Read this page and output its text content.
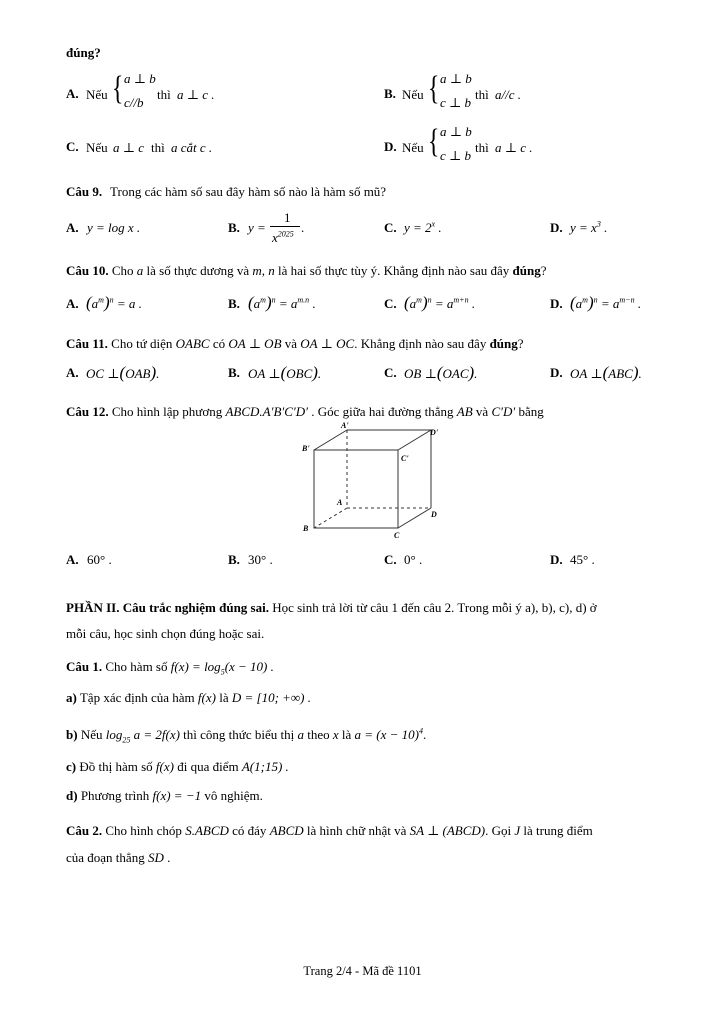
đúng?
A. Nếu { a ⊥ b
c//b
thì a ⊥ c .	B. Nếu { a ⊥ b
c ⊥ b
thì a//c .
C. Nếu a ⊥ c thì a cắt c .	D. Nếu { a ⊥ b
c ⊥ b
thì a ⊥ c .
Câu 9. Trong các hàm số sau đây hàm số nào là hàm số mũ?
A. y = log x .	B. y =
1
$x^{2025}$ .	C. $y = 2^x$ .	D. $y = x^3$ .
Câu 10. Cho a là số thực dương và m, n là hai số thực tùy ý. Khẳng định nào sau đây đúng?
A. $(a^m)^n = a$ .	B. $(a^m)^n = a^{m.n}$ .	C. $(a^m)^n = a^{m+n}$ .	D. $(a^m)^n = a^{m-n}$ .
Câu 11. Cho tứ diện OABC có OA ⊥ OB và OA ⊥ OC. Khẳng định nào sau đây đúng?
A. OC ⊥(OAB).	B. OA ⊥(OBC).	C. OB ⊥(OAC).	D. OA ⊥(ABC).
Câu 12. Cho hình lập phương ABCD.A′B′C′D′ . Góc giữa hai đường thẳng AB và C′D′ bằng
A'
D'
B'
C'
A
D
B
C
A. 60° .	B. 30° .	C. 0° .	D. 45° .
PHẦN II. Câu trắc nghiệm đúng sai. Học sinh trả lời từ câu 1 đến câu 2. Trong mỗi ý a), b), c), d) ở
mỗi câu, học sinh chọn đúng hoặc sai.
Câu 1. Cho hàm số $f(x) = \log_5(x - 10)$ .
a) Tập xác định của hàm f(x) là D = [10; +∞) .
b) Nếu $\log_{25} a = 2f(x)$ thì công thức biểu thị a theo x là $a = (x - 10)^4$.
c) Đồ thị hàm số f(x) đi qua điểm A(1;15) .
d) Phương trình f(x) = −1 vô nghiệm.
Câu 2. Cho hình chóp S.ABCD có đáy ABCD là hình chữ nhật và SA ⊥ (ABCD). Gọi J là trung điểm
của đoạn thẳng SD .
Trang 2/4 - Mã đề 1101
